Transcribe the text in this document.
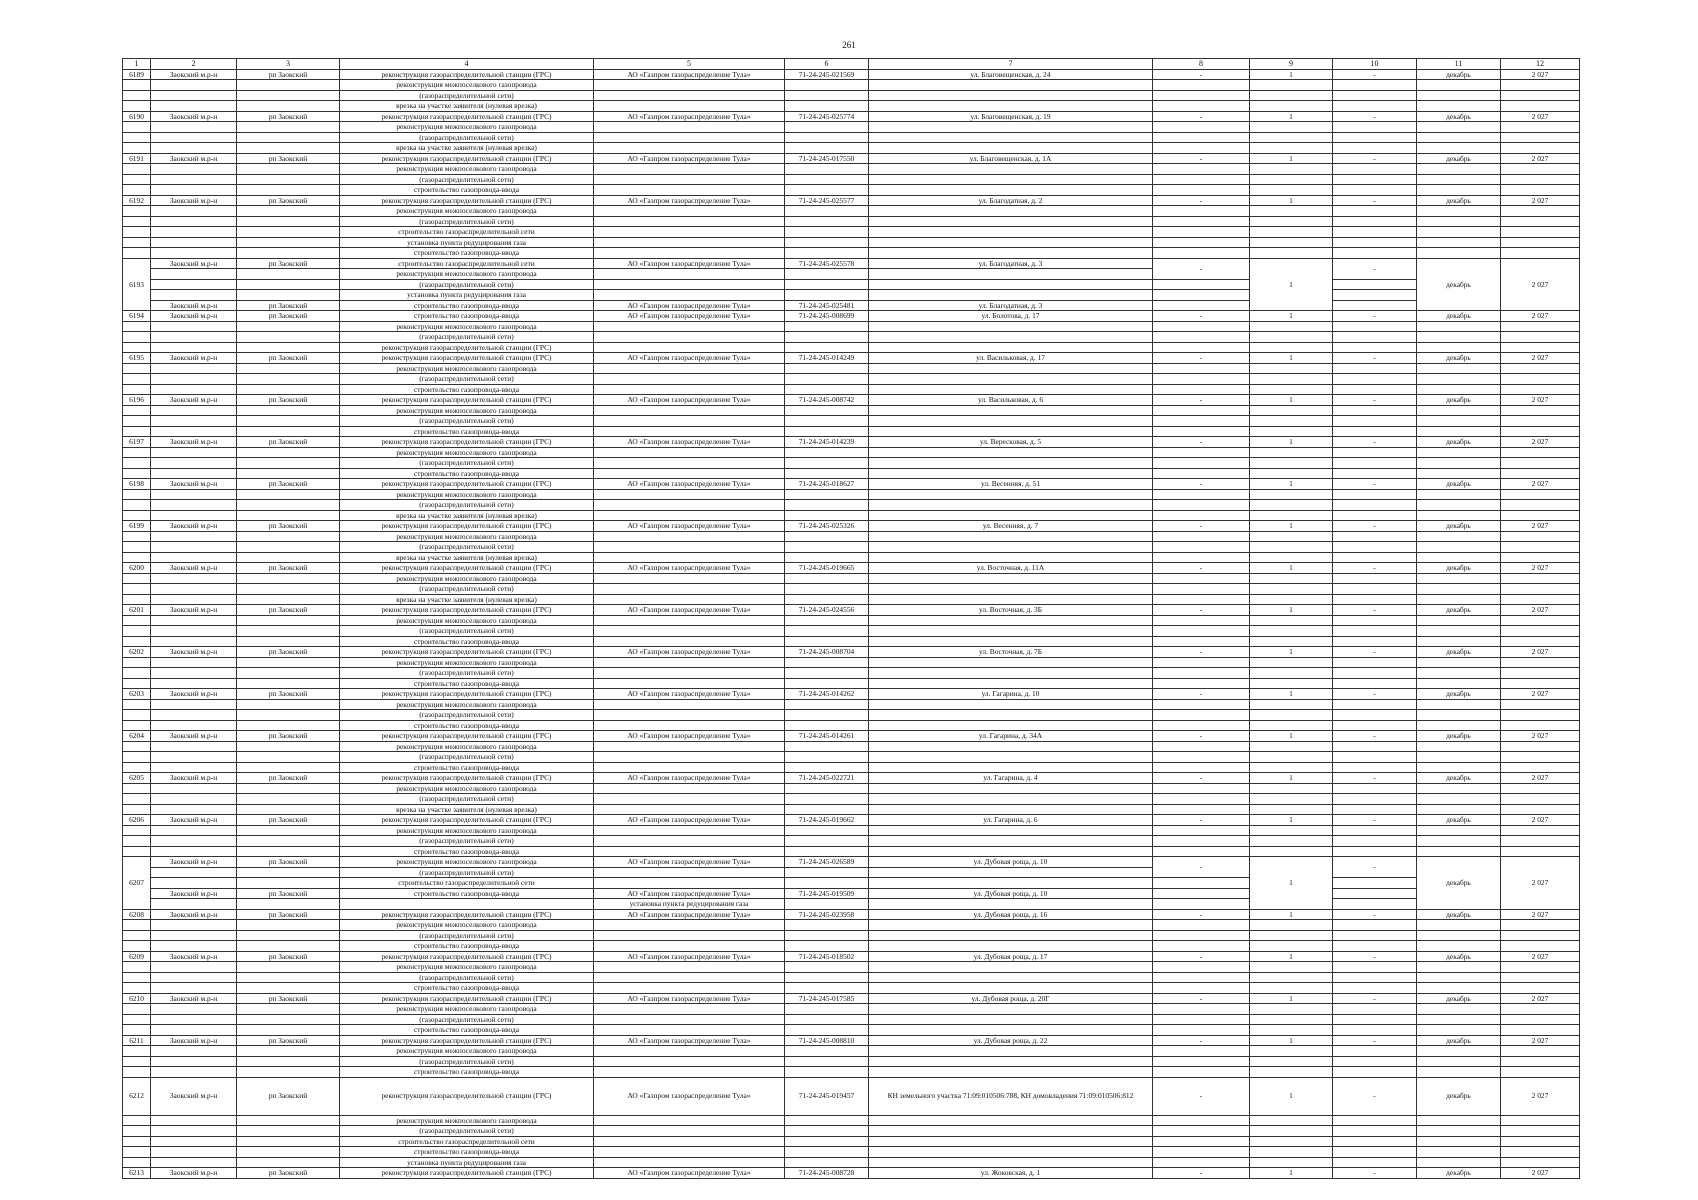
261
1	2	3	4	5	6	7	8	9	10	11	12	
6189	Заокский м.р-н	рп Заокский	реконструкция газораспределительной станции (ГРС)	АО «Газпром газораспределение Тула»	71-24-245-021569	ул. Благовещенская, д. 24	-	1	-	декабрь	2 027	
			реконструкция межпоселкового газопровода									
			(газораспределительной сети)									
			врезка на участке заявителя (нулевая врезка)									
6190	Заокский м.р-н	рп Заокский	реконструкция газораспределительной станции (ГРС)	АО «Газпром газораспределение Тула»	71-24-245-025774	ул. Благовещенская, д. 19	-	1	-	декабрь	2 027	
			реконструкция межпоселкового газопровода									
			(газораспределительной сети)									
			врезка на участке заявителя (нулевая врезка)									
6191	Заокский м.р-н	рп Заокский	реконструкция газораспределительной станции (ГРС)	АО «Газпром газораспределение Тула»	71-24-245-017550	ул. Благовещенская, д. 1А	-	1	-	декабрь	2 027	
			реконструкция межпоселкового газопровода									
			(газораспределительной сети)									
			строительство газопровода-ввода									
6192	Заокский м.р-н	рп Заокский	реконструкция газораспределительной станции (ГРС)	АО «Газпром газораспределение Тула»	71-24-245-025577	ул. Благодатная, д. 2	-	1	-	декабрь	2 027	
			реконструкция межпоселкового газопровода									
			(газораспределительной сети)									
			строительство газораспределительной сети									
			установка пункта редуцирования газа									
			строительство газопровода-ввода									
6193	Заокский м.р-н	рп Заокский	строительство газораспределительной сети	АО «Газпром газораспределение Тула»	71-24-245-025578	ул. Благодатная, д. 3	-	1	-	декабрь	2 027	
			реконструкция межпоселкового газопровода									
			(газораспределительной сети)									
			установка пункта редуцирования газа									
	Заокский м.р-н	рп Заокский	строительство газопровода-ввода	АО «Газпром газораспределение Тула»	71-24-245-025481	ул. Благодатная, д. 3						
6194	Заокский м.р-н	рп Заокский	строительство газопровода-ввода	АО «Газпром газораспределение Тула»	71-24-245-008699	ул. Болотова, д. 17	-	1	-	декабрь	2 027	
			реконструкция межпоселкового газопровода									
			(газораспределительной сети)									
			реконструкция газораспределительной станции (ГРС)									
6195	Заокский м.р-н	рп Заокский	реконструкция газораспределительной станции (ГРС)	АО «Газпром газораспределение Тула»	71-24-245-014249	ул. Васильковая, д. 17	-	1	-	декабрь	2 027	
			реконструкция межпоселкового газопровода									
			(газораспределительной сети)									
			строительство газопровода-ввода									
6196	Заокский м.р-н	рп Заокский	реконструкция газораспределительной станции (ГРС)	АО «Газпром газораспределение Тула»	71-24-245-008742	ул. Васильковая, д. 6	-	1	-	декабрь	2 027	
			реконструкция межпоселкового газопровода									
			(газораспределительной сети)									
			строительство газопровода-ввода									
6197	Заокский м.р-н	рп Заокский	реконструкция газораспределительной станции (ГРС)	АО «Газпром газораспределение Тула»	71-24-245-014239	ул. Вересковая, д. 5	-	1	-	декабрь	2 027	
			реконструкция межпоселкового газопровода									
			(газораспределительной сети)									
			строительство газопровода-ввода									
6198	Заокский м.р-н	рп Заокский	реконструкция газораспределительной станции (ГРС)	АО «Газпром газораспределение Тула»	71-24-245-018627	ул. Весенняя, д. 51	-	1	-	декабрь	2 027	
			реконструкция межпоселкового газопровода									
			(газораспределительной сети)									
			врезка на участке заявителя (нулевая врезка)									
6199	Заокский м.р-н	рп Заокский	реконструкция газораспределительной станции (ГРС)	АО «Газпром газораспределение Тула»	71-24-245-025326	ул. Весенняя, д. 7	-	1	-	декабрь	2 027	
			реконструкция межпоселкового газопровода									
			(газораспределительной сети)									
			врезка на участке заявителя (нулевая врезка)									
6200	Заокский м.р-н	рп Заокский	реконструкция газораспределительной станции (ГРС)	АО «Газпром газораспределение Тула»	71-24-245-019665	ул. Восточная, д. 11А	-	1	-	декабрь	2 027	
			реконструкция межпоселкового газопровода									
			(газораспределительной сети)									
			врезка на участке заявителя (нулевая врезка)									
6201	Заокский м.р-н	рп Заокский	реконструкция газораспределительной станции (ГРС)	АО «Газпром газораспределение Тула»	71-24-245-024556	ул. Восточная, д. 3Б	-	1	-	декабрь	2 027	
			реконструкция межпоселкового газопровода									
			(газораспределительной сети)									
			строительство газопровода-ввода									
6202	Заокский м.р-н	рп Заокский	реконструкция газораспределительной станции (ГРС)	АО «Газпром газораспределение Тула»	71-24-245-008704	ул. Восточная, д. 7Б	-	1	-	декабрь	2 027	
			реконструкция межпоселкового газопровода									
			(газораспределительной сети)									
			строительство газопровода-ввода									
6203	Заокский м.р-н	рп Заокский	реконструкция газораспределительной станции (ГРС)	АО «Газпром газораспределение Тула»	71-24-245-014262	ул. Гагарина, д. 10	-	1	-	декабрь	2 027	
			реконструкция межпоселкового газопровода									
			(газораспределительной сети)									
			строительство газопровода-ввода									
6204	Заокский м.р-н	рп Заокский	реконструкция газораспределительной станции (ГРС)	АО «Газпром газораспределение Тула»	71-24-245-014261	ул. Гагарина, д. 34А	-	1	-	декабрь	2 027	
			реконструкция межпоселкового газопровода									
			(газораспределительной сети)									
			строительство газопровода-ввода									
6205	Заокский м.р-н	рп Заокский	реконструкция газораспределительной станции (ГРС)	АО «Газпром газораспределение Тула»	71-24-245-022721	ул. Гагарина, д. 4	-	1	-	декабрь	2 027	
			реконструкция межпоселкового газопровода									
			(газораспределительной сети)									
			врезка на участке заявителя (нулевая врезка)									
6206	Заокский м.р-н	рп Заокский	реконструкция газораспределительной станции (ГРС)	АО «Газпром газораспределение Тула»	71-24-245-019662	ул. Гагарина, д. 6	-	1	-	декабрь	2 027	
			реконструкция межпоселкового газопровода									
			(газораспределительной сети)									
			строительство газопровода-ввода									
6207	Заокский м.р-н	рп Заокский	реконструкция межпоселкового газопровода	АО «Газпром газораспределение Тула»	71-24-245-026589	ул. Дубовая роща, д. 10	-	1	-	декабрь	2 027	
			(газораспределительной сети)									
			строительство газораспределительной сети									
	Заокский м.р-н	рп Заокский	строительство газопровода-ввода	АО «Газпром газораспределение Тула»	71-24-245-019509	ул. Дубовая роща, д. 10						
				установка пункта редуцирования газа								
6208	Заокский м.р-н	рп Заокский	реконструкция газораспределительной станции (ГРС)	АО «Газпром газораспределение Тула»	71-24-245-023958	ул. Дубовая роща, д. 16	-	1	-	декабрь	2 027	
			реконструкция межпоселкового газопровода									
			(газораспределительной сети)									
			строительство газопровода-ввода									
6209	Заокский м.р-н	рп Заокский	реконструкция газораспределительной станции (ГРС)	АО «Газпром газораспределение Тула»	71-24-245-018502	ул. Дубовая роща, д. 17	-	1	-	декабрь	2 027	
			реконструкция межпоселкового газопровода									
			(газораспределительной сети)									
			строительство газопровода-ввода									
6210	Заокский м.р-н	рп Заокский	реконструкция газораспределительной станции (ГРС)	АО «Газпром газораспределение Тула»	71-24-245-017585	ул. Дубовая роща, д. 20Г	-	1	-	декабрь	2 027	
			реконструкция межпоселкового газопровода									
			(газораспределительной сети)									
			строительство газопровода-ввода									
6211	Заокский м.р-н	рп Заокский	реконструкция газораспределительной станции (ГРС)	АО «Газпром газораспределение Тула»	71-24-245-008810	ул. Дубовая роща, д. 22	-	1	-	декабрь	2 027	
			реконструкция межпоселкового газопровода									
			(газораспределительной сети)									
			строительство газопровода-ввода									
6212	Заокский м.р-н	рп Заокский	реконструкция газораспределительной станции (ГРС)	АО «Газпром газораспределение Тула»	71-24-245-019457	КН земельного участка 71:09:010506:788, КН домовладения 71:09:010506:812	-	1	-	декабрь	2 027	
			реконструкция межпоселкового газопровода									
			(газораспределительной сети)									
			строительство газораспределительной сети									
			строительство газопровода-ввода									
			установка пункта редуцирования газа									
6213	Заокский м.р-н	рп Заокский	реконструкция газораспределительной станции (ГРС)	АО «Газпром газораспределение Тула»	71-24-245-008728	ул. Жоковская, д. 1	-	1	-	декабрь	2 027	
